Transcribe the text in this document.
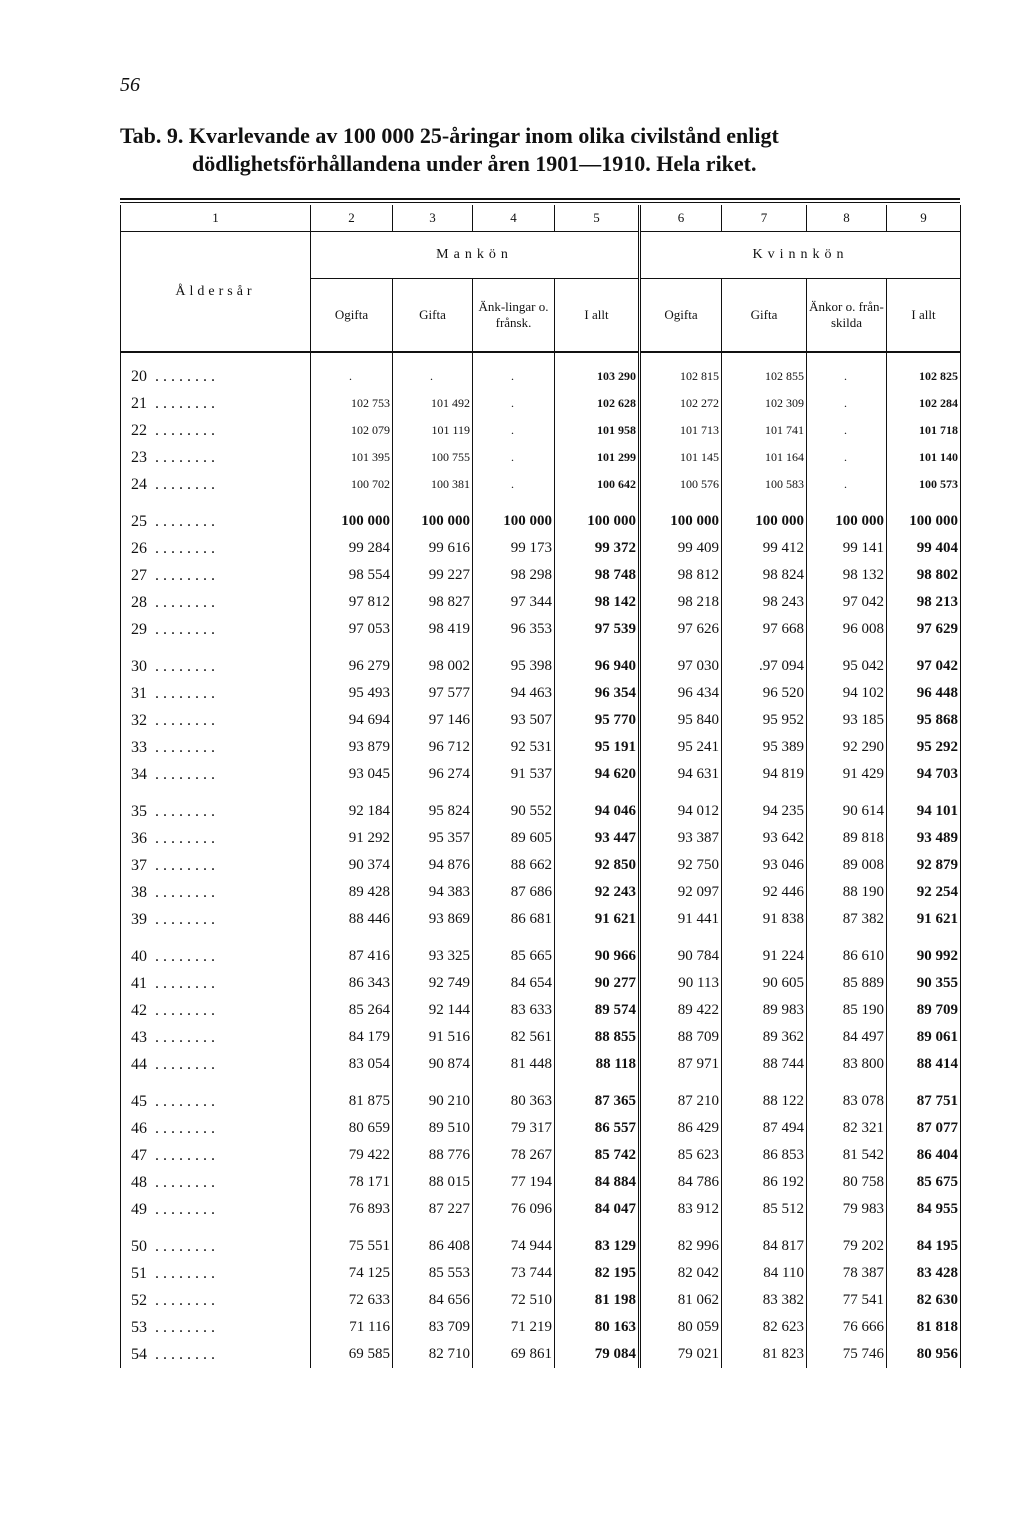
56
Tab. 9. Kvarlevande av 100 000 25-åringar inom olika civilstånd enligt
dödlighetsförhållandena under åren 1901—1910. Hela riket.
1	2	3	4	5	6	7	8	9
Åldersår	Mankön				Kvinnkön			
	Ogifta	Gifta	Änk-lingar o. frånsk.	I allt	Ogifta	Gifta	Änkor o. från-skilda	I allt

20 ........	.	.	.	103 290	102 815	102 855	.	102 825
21 ........	102 753	101 492	.	102 628	102 272	102 309	.	102 284
22 ........	102 079	101 119	.	101 958	101 713	101 741	.	101 718
23 ........	101 395	100 755	.	101 299	101 145	101 164	.	101 140
24 ........	100 702	100 381	.	100 642	100 576	100 583	.	100 573

25 ........	100 000	100 000	100 000	100 000	100 000	100 000	100 000	100 000
26 ........	99 284	99 616	99 173	99 372	99 409	99 412	99 141	99 404
27 ........	98 554	99 227	98 298	98 748	98 812	98 824	98 132	98 802
28 ........	97 812	98 827	97 344	98 142	98 218	98 243	97 042	98 213
29 ........	97 053	98 419	96 353	97 539	97 626	97 668	96 008	97 629

30 ........	96 279	98 002	95 398	96 940	97 030	.97 094	95 042	97 042
31 ........	95 493	97 577	94 463	96 354	96 434	96 520	94 102	96 448
32 ........	94 694	97 146	93 507	95 770	95 840	95 952	93 185	95 868
33 ........	93 879	96 712	92 531	95 191	95 241	95 389	92 290	95 292
34 ........	93 045	96 274	91 537	94 620	94 631	94 819	91 429	94 703

35 ........	92 184	95 824	90 552	94 046	94 012	94 235	90 614	94 101
36 ........	91 292	95 357	89 605	93 447	93 387	93 642	89 818	93 489
37 ........	90 374	94 876	88 662	92 850	92 750	93 046	89 008	92 879
38 ........	89 428	94 383	87 686	92 243	92 097	92 446	88 190	92 254
39 ........	88 446	93 869	86 681	91 621	91 441	91 838	87 382	91 621

40 ........	87 416	93 325	85 665	90 966	90 784	91 224	86 610	90 992
41 ........	86 343	92 749	84 654	90 277	90 113	90 605	85 889	90 355
42 ........	85 264	92 144	83 633	89 574	89 422	89 983	85 190	89 709
43 ........	84 179	91 516	82 561	88 855	88 709	89 362	84 497	89 061
44 ........	83 054	90 874	81 448	88 118	87 971	88 744	83 800	88 414

45 ........	81 875	90 210	80 363	87 365	87 210	88 122	83 078	87 751
46 ........	80 659	89 510	79 317	86 557	86 429	87 494	82 321	87 077
47 ........	79 422	88 776	78 267	85 742	85 623	86 853	81 542	86 404
48 ........	78 171	88 015	77 194	84 884	84 786	86 192	80 758	85 675
49 ........	76 893	87 227	76 096	84 047	83 912	85 512	79 983	84 955

50 ........	75 551	86 408	74 944	83 129	82 996	84 817	79 202	84 195
51 ........	74 125	85 553	73 744	82 195	82 042	84 110	78 387	83 428
52 ........	72 633	84 656	72 510	81 198	81 062	83 382	77 541	82 630
53 ........	71 116	83 709	71 219	80 163	80 059	82 623	76 666	81 818
54 ........	69 585	82 710	69 861	79 084	79 021	81 823	75 746	80 956
